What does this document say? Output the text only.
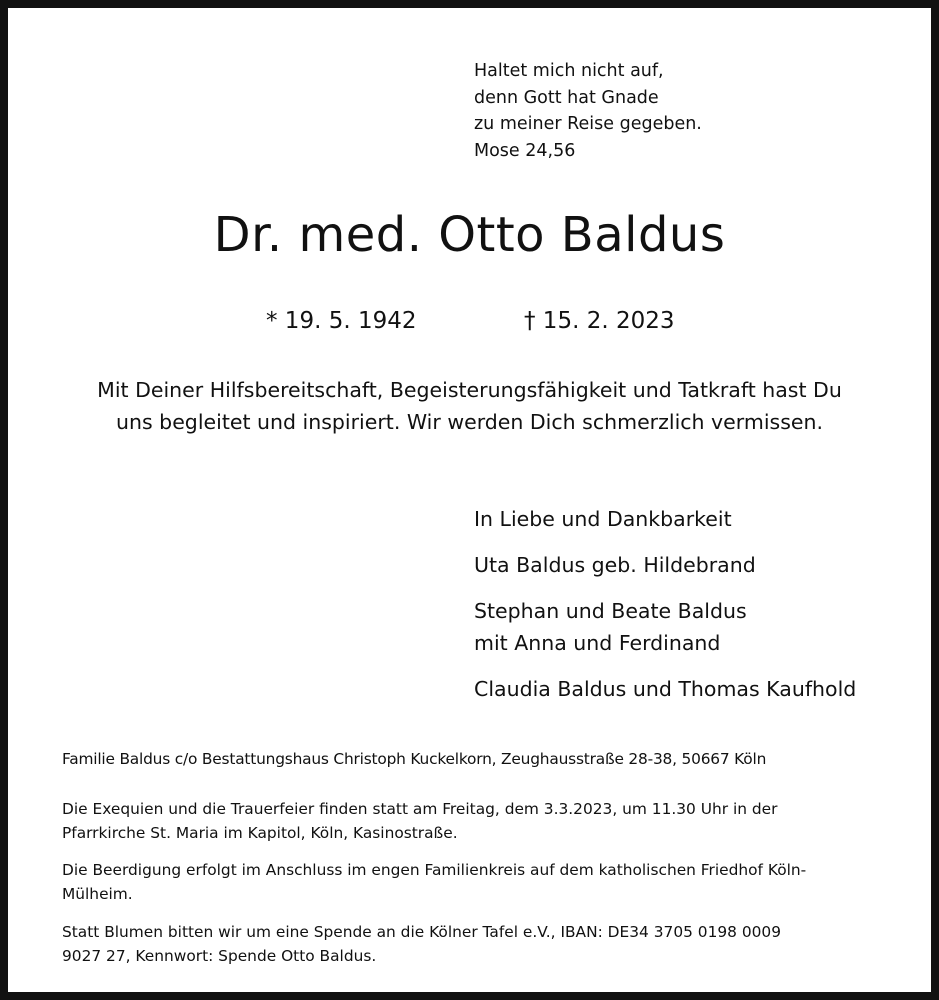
Haltet mich nicht auf,
denn Gott hat Gnade
zu meiner Reise gegeben.
Mose 24,56
Dr. med. Otto Baldus
* 19. 5. 1942	† 15. 2. 2023
Mit Deiner Hilfsbereitschaft, Begeisterungsfähigkeit und Tatkraft hast Du
uns begleitet und inspiriert. Wir werden Dich schmerzlich vermissen.
In Liebe und Dankbarkeit
Uta Baldus geb. Hildebrand
Stephan und Beate Baldus
mit Anna und Ferdinand
Claudia Baldus und Thomas Kaufhold
Familie Baldus c/o Bestattungshaus Christoph Kuckelkorn, Zeughausstraße 28-38, 50667 Köln
Die Exequien und die Trauerfeier finden statt am Freitag, dem 3.3.2023, um 11.30 Uhr in der
Pfarrkirche St. Maria im Kapitol, Köln, Kasinostraße.
Die Beerdigung erfolgt im Anschluss im engen Familienkreis auf dem katholischen Friedhof Köln-
Mülheim.
Statt Blumen bitten wir um eine Spende an die Kölner Tafel e.V., IBAN: DE34 3705 0198 0009
9027 27, Kennwort: Spende Otto Baldus.
